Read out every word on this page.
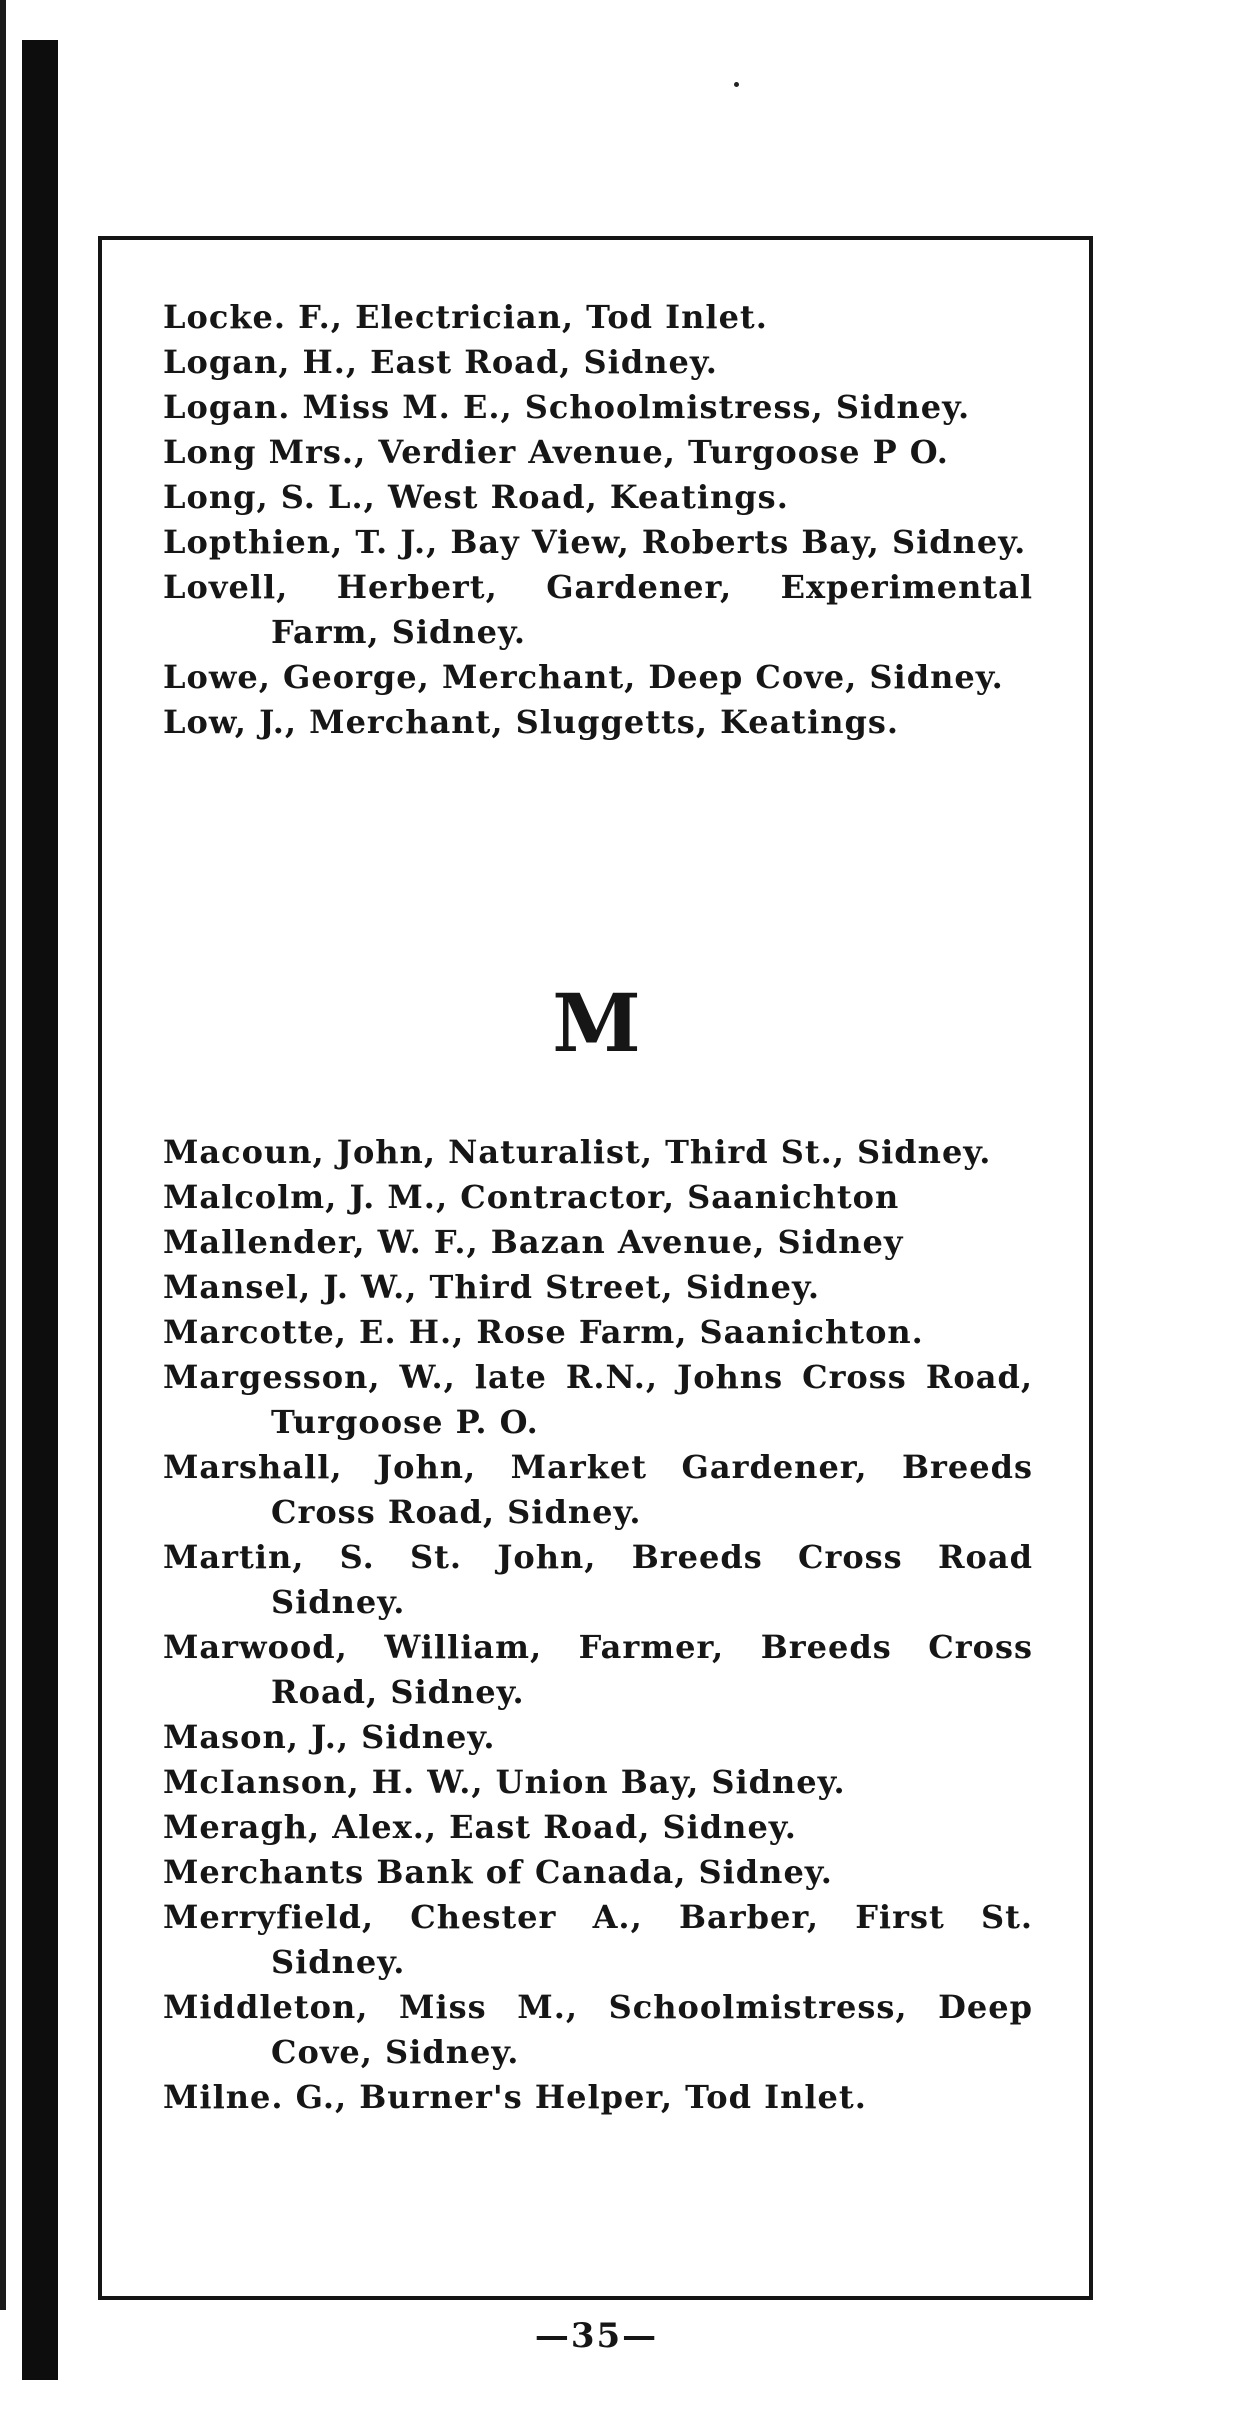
Locke. F., Electrician, Tod Inlet.
Logan, H., East Road, Sidney.
Logan. Miss M. E., Schoolmistress, Sidney.
Long Mrs., Verdier Avenue, Turgoose P O.
Long, S. L., West Road, Keatings.
Lopthien, T. J., Bay View, Roberts Bay, Sidney.
Lovell, Herbert, Gardener, Experimental Farm, Sidney.
Lowe, George, Merchant, Deep Cove, Sidney.
Low, J., Merchant, Sluggetts, Keatings.
M
Macoun, John, Naturalist, Third St., Sidney.
Malcolm, J. M., Contractor, Saanichton
Mallender, W. F., Bazan Avenue, Sidney
Mansel, J. W., Third Street, Sidney.
Marcotte, E. H., Rose Farm, Saanichton.
Margesson, W., late R.N., Johns Cross Road, Turgoose P. O.
Marshall, John, Market Gardener, Breeds Cross Road, Sidney.
Martin, S. St. John, Breeds Cross Road Sidney.
Marwood, William, Farmer, Breeds Cross Road, Sidney.
Mason, J., Sidney.
McIanson, H. W., Union Bay, Sidney.
Meragh, Alex., East Road, Sidney.
Merchants Bank of Canada, Sidney.
Merryfield, Chester A., Barber, First St. Sidney.
Middleton, Miss M., Schoolmistress, Deep Cove, Sidney.
Milne. G., Burner's Helper, Tod Inlet.
—35—
